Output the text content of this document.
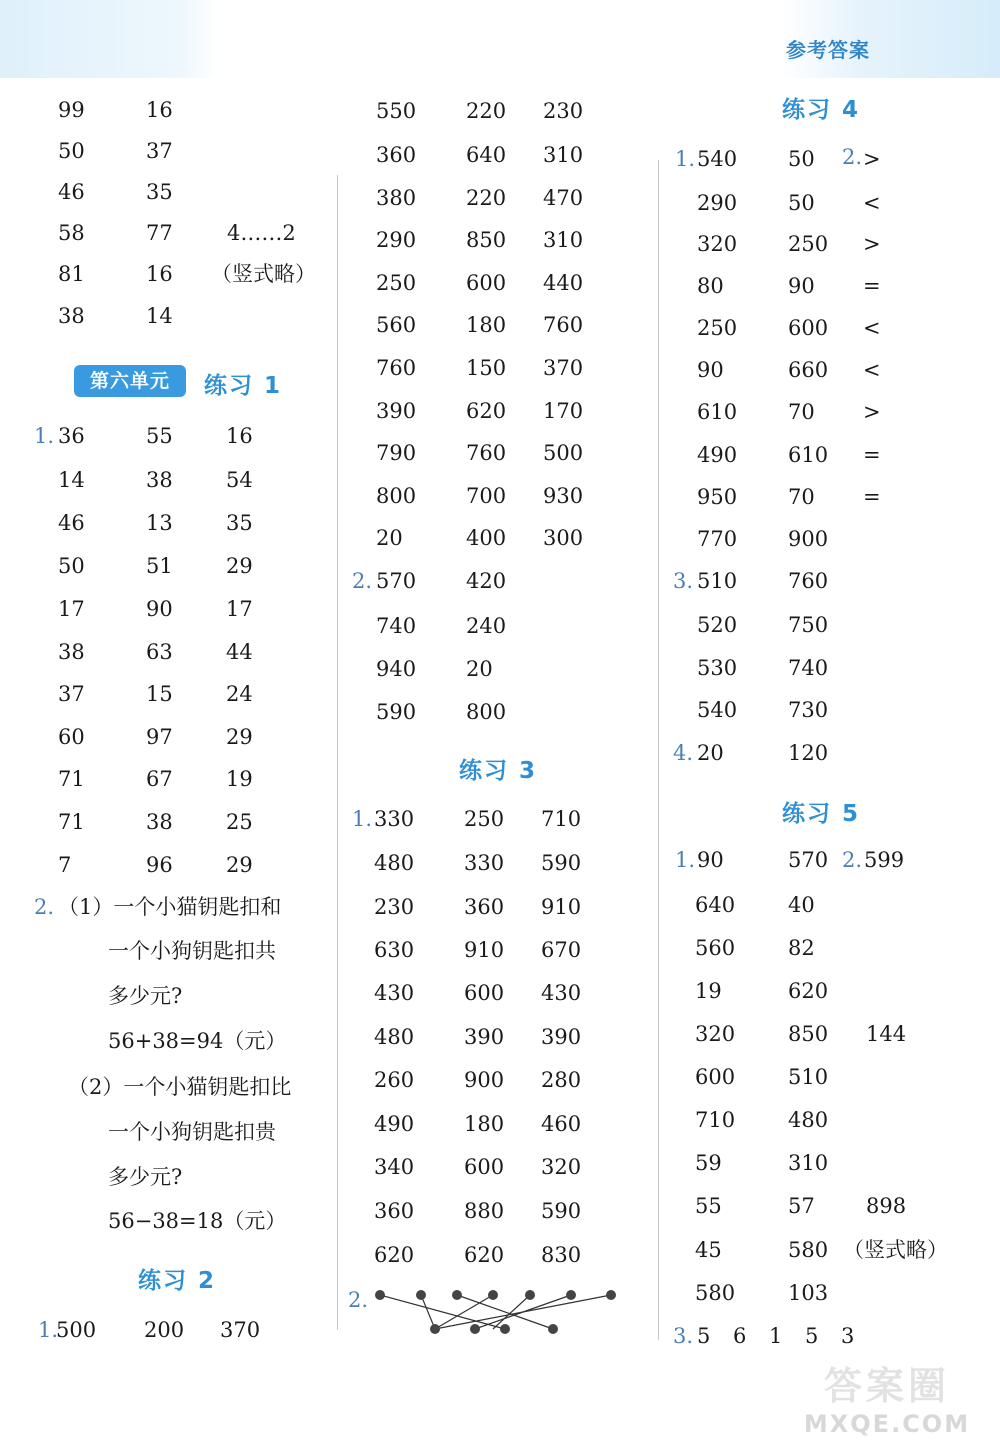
参考答案
99	16
50	37
46	35
58	77	4……2
81	16	（竖式略）
38	14
第六单元	练习 1
1. 36	55	16
14	38	54
46	13	35
50	51	29
17	90	17
38	63	44
37	15	24
60	97	29
71	67	19
71	38	25
7	96	29
2. （1）一个小猫钥匙扣和
一个小狗钥匙扣共
多少元?
56+38=94（元）
（2）一个小猫钥匙扣比
一个小狗钥匙扣贵
多少元?
56−38=18（元）
练习 2
1.
500	200	370
550	220	230
360	640	310
380	220	470
290	850	310
250	600	440
560	180	760
760	150	370
390	620	170
790	760	500
800	700	930
20	400	300
2. 570	420
740	240
940	20
590	800
练习 3
1. 330	250	710
480	330	590
230	360	910
630	910	670
430	600	430
480	390	390
260	900	280
490	180	460
340	600	320
360	880	590
620	620	830
2.
练习 4
1.	2.
540	50	>
290	50	<
320	250	>
80	90	=
250	600	<
90	660	<
610	70	>
490	610	=
950	70	=
770	900
3. 510	760
520	750
530	740
540	730
4. 20	120
练习 5
1.	2.
90	570	599
640	40
560	82
19	620
320	850	144
600	510
710	480
59	310
55	57	898
45	580 （竖式略）
580	103
3. 5	6	1	5	3
答案圈
MXQE.COM
